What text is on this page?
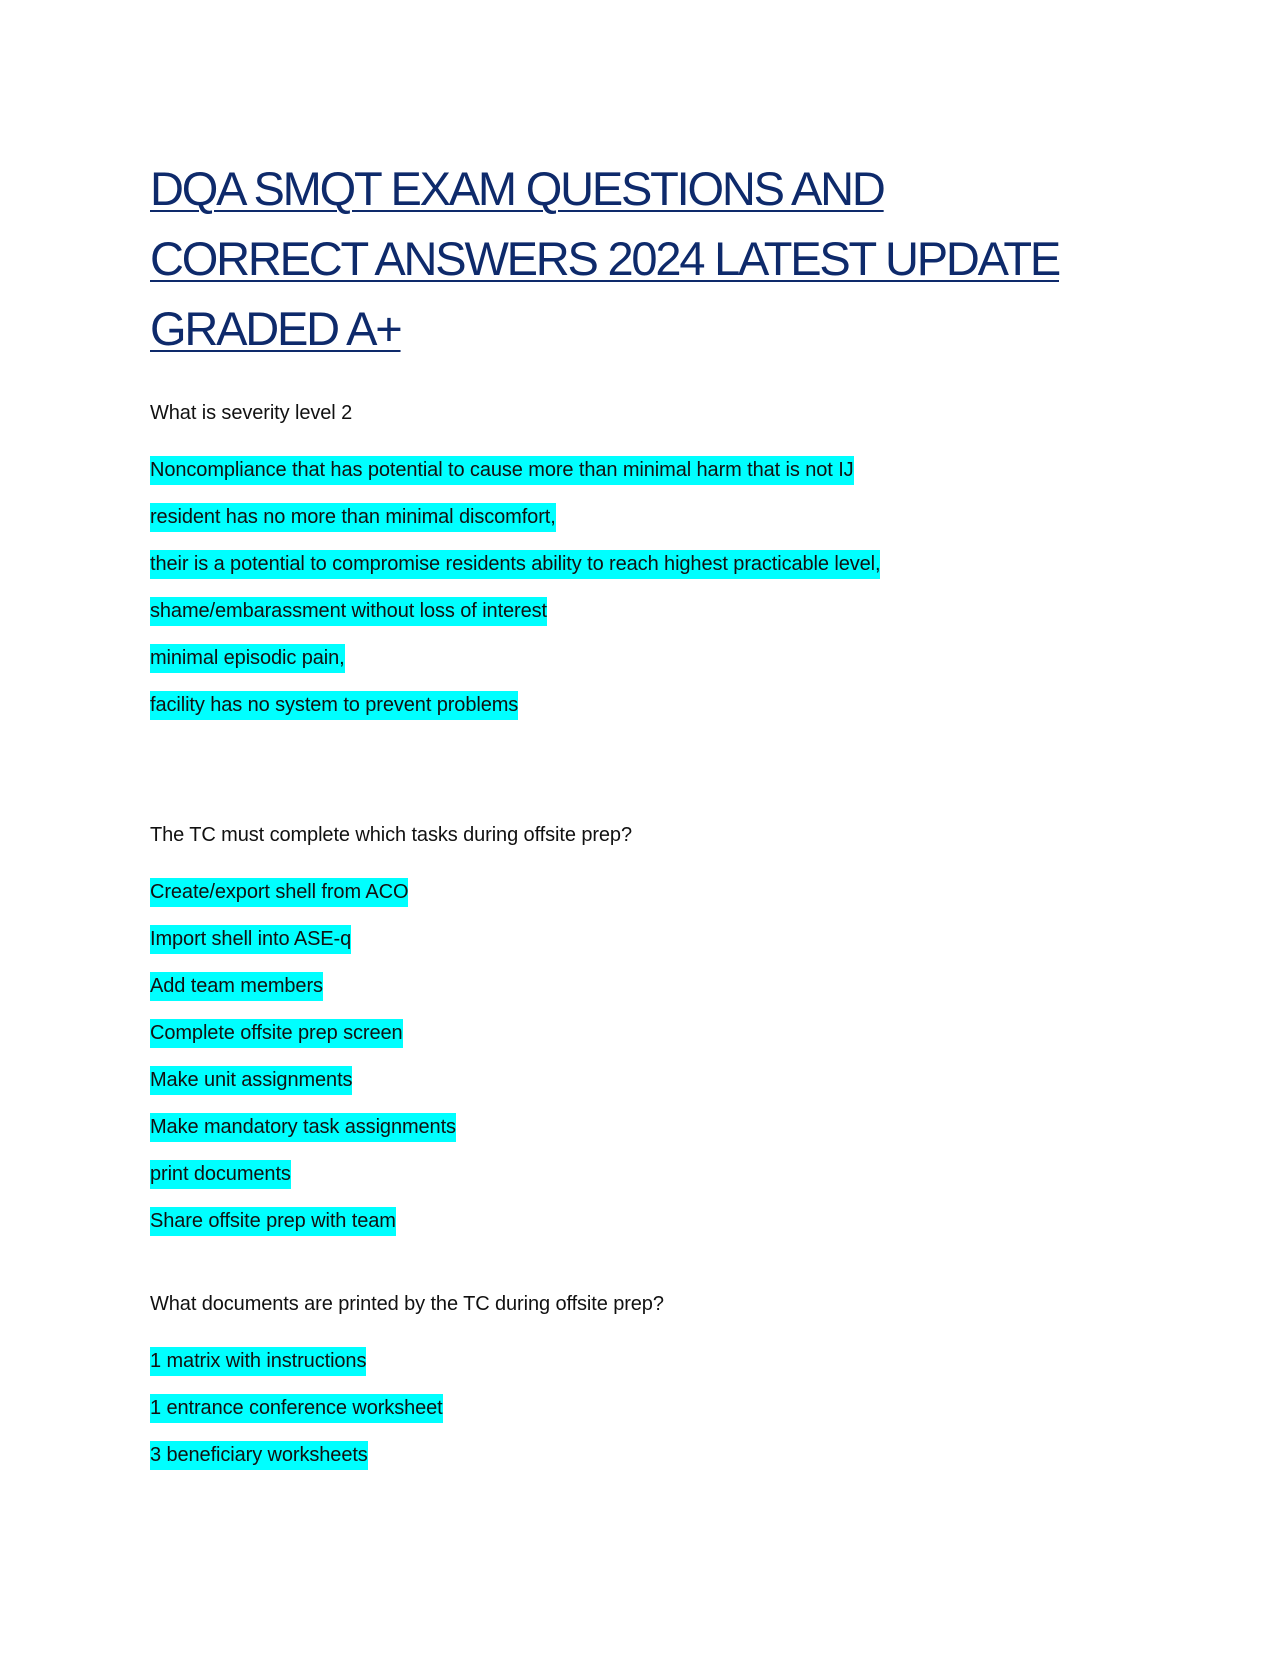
DQA SMQT EXAM QUESTIONS AND
CORRECT ANSWERS 2024 LATEST UPDATE
GRADED A+
What is severity level 2
Noncompliance that has potential to cause more than minimal harm that is not IJ
resident has no more than minimal discomfort,
their is a potential to compromise residents ability to reach highest practicable level,
shame/embarassment without loss of interest
minimal episodic pain,
facility has no system to prevent problems
The TC must complete which tasks during offsite prep?
Create/export shell from ACO
Import shell into ASE-q
Add team members
Complete offsite prep screen
Make unit assignments
Make mandatory task assignments
print documents
Share offsite prep with team
What documents are printed by the TC during offsite prep?
1 matrix with instructions
1 entrance conference worksheet
3 beneficiary worksheets
